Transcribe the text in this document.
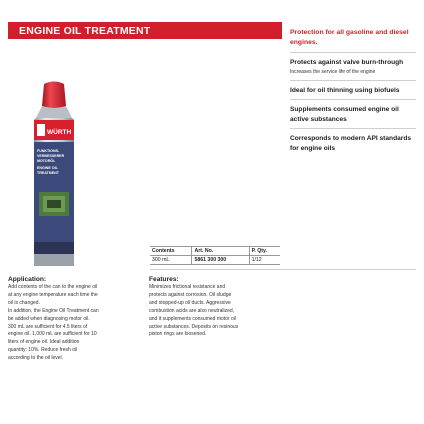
ENGINE OIL TREATMENT	Protection for all gasoline and diesel engines.
Protects against valve burn-through
Increases the service life of the engine
Ideal for oil thinning using biofuels
Supplements consumed engine oil active substances
Corresponds to modern API standards for engine oils
WÜRTH
FUNKTIONS-
VERBESSERER
MOTORÖL
ENGINE OIL
TREATMENT
Contents	Art. No.	P. Qty.
300 mL	5861 300 300	1/12
Application:
Add contents of the can to the engine oil
at any engine temperature each time the
oil is changed.
In addition, the Engine Oil Treatment can
be added when diagnosing motor oil.
300 mL are sufficient for 4.5 liters of
engine oil. 1,000 mL are sufficient for 10
liters of engine oil. Ideal addition
quantity: 10%. Reduce fresh oil
according to the oil level.
Features:
Minimizes frictional resistance and
protects against corrosion. Oil sludge
and stopped-up oil ducts. Aggressive
combustion acids are also neutralized,
and it supplements consumed motor oil
active substances. Deposits on resinous
piston rings are loosened.
